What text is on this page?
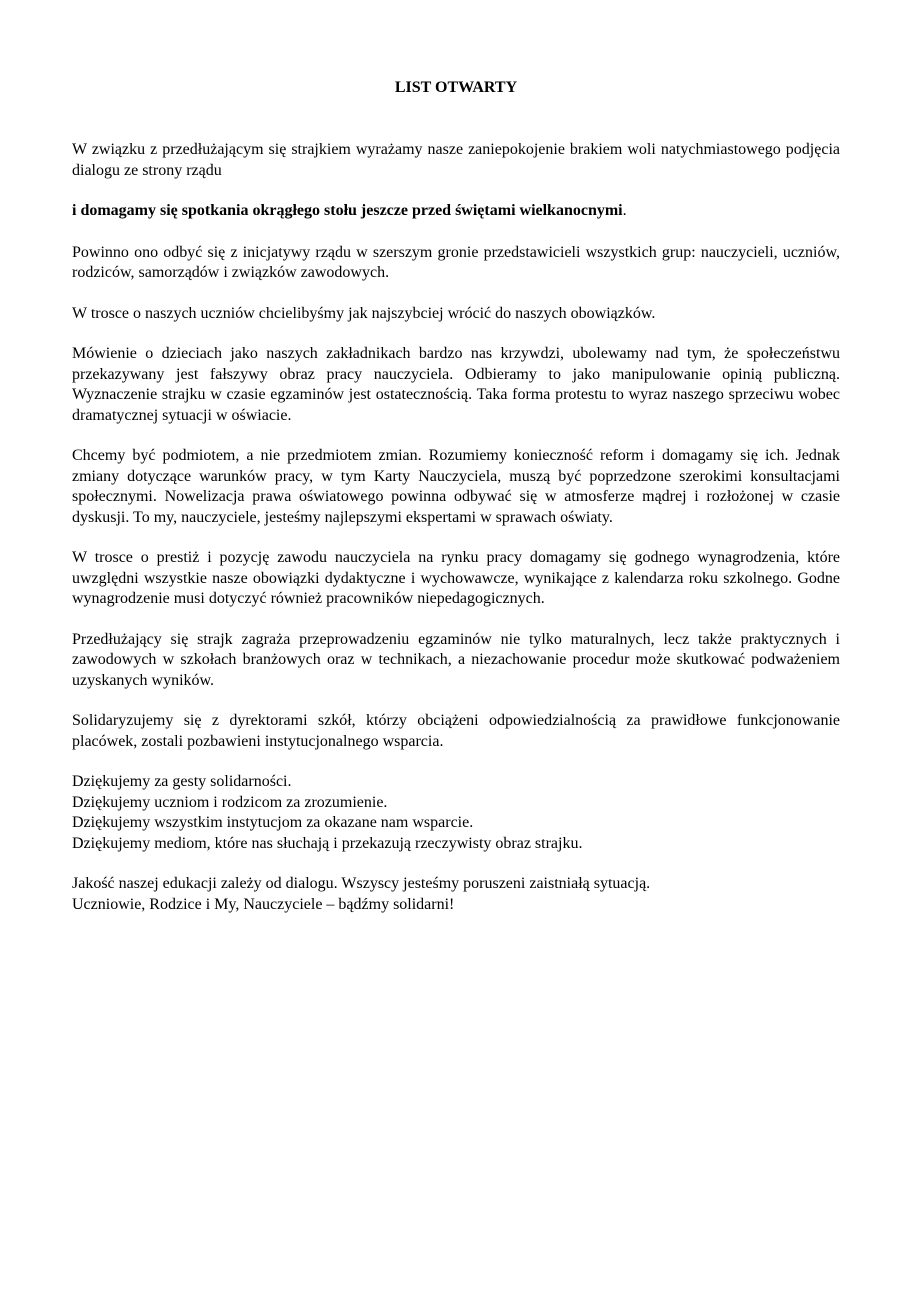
LIST OTWARTY

W związku z przedłużającym się strajkiem wyrażamy nasze zaniepokojenie brakiem woli natychmiastowego podjęcia dialogu ze strony rządu

i domagamy się spotkania okrągłego stołu jeszcze przed świętami wielkanocnymi.

Powinno ono odbyć się z inicjatywy rządu w szerszym gronie przedstawicieli wszystkich grup: nauczycieli, uczniów, rodziców, samorządów i związków zawodowych.

W trosce o naszych uczniów chcielibyśmy jak najszybciej wrócić do naszych obowiązków.

Mówienie o dzieciach jako naszych zakładnikach bardzo nas krzywdzi, ubolewamy nad tym, że społeczeństwu przekazywany jest fałszywy obraz pracy nauczyciela. Odbieramy to jako manipulowanie opinią publiczną. Wyznaczenie strajku w czasie egzaminów jest ostatecznością. Taka forma protestu to wyraz naszego sprzeciwu wobec dramatycznej sytuacji w oświacie.

Chcemy być podmiotem, a nie przedmiotem zmian. Rozumiemy konieczność reform i domagamy się ich. Jednak zmiany dotyczące warunków pracy, w tym Karty Nauczyciela, muszą być poprzedzone szerokimi konsultacjami społecznymi. Nowelizacja prawa oświatowego powinna odbywać się w atmosferze mądrej i rozłożonej w czasie dyskusji. To my, nauczyciele, jesteśmy najlepszymi ekspertami w sprawach oświaty.

W trosce o prestiż i pozycję zawodu nauczyciela na rynku pracy domagamy się godnego wynagrodzenia, które uwzględni wszystkie nasze obowiązki dydaktyczne i wychowawcze, wynikające z kalendarza roku szkolnego. Godne wynagrodzenie musi dotyczyć również pracowników niepedagogicznych.

Przedłużający się strajk zagraża przeprowadzeniu egzaminów nie tylko maturalnych, lecz także praktycznych i zawodowych w szkołach branżowych oraz w technikach, a niezachowanie procedur może skutkować podważeniem uzyskanych wyników.

Solidaryzujemy się z dyrektorami szkół, którzy obciążeni odpowiedzialnością za prawidłowe funkcjonowanie placówek, zostali pozbawieni instytucjonalnego wsparcia.

Dziękujemy za gesty solidarności.
Dziękujemy uczniom i rodzicom za zrozumienie.
Dziękujemy wszystkim instytucjom za okazane nam wsparcie.
Dziękujemy mediom, które nas słuchają i przekazują rzeczywisty obraz strajku.
Jakość naszej edukacji zależy od dialogu. Wszyscy jesteśmy poruszeni zaistniałą sytuacją.
Uczniowie, Rodzice i My, Nauczyciele – bądźmy solidarni!
